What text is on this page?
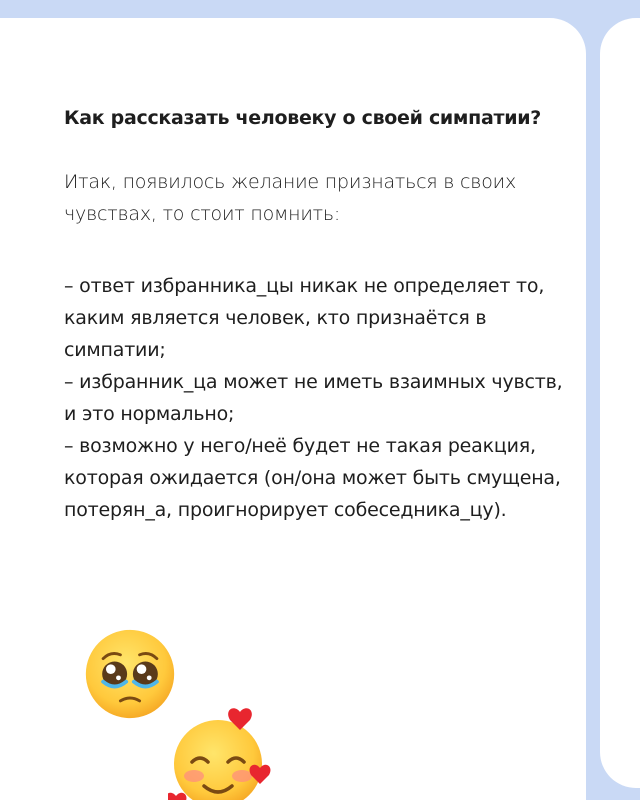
Как рассказать человеку о своей симпатии?

Итак, появилось желание признаться в своих чувствах, то стоит помнить:

– ответ избранника_цы никак не определяет то, каким является человек, кто признаётся в симпатии;
– избранник_ца может не иметь взаимных чувств, и это нормально;
– возможно у него/неё будет не такая реакция, которая ожидается (он/она может быть смущена, потерян_а, проигнорирует собеседника_цу).
